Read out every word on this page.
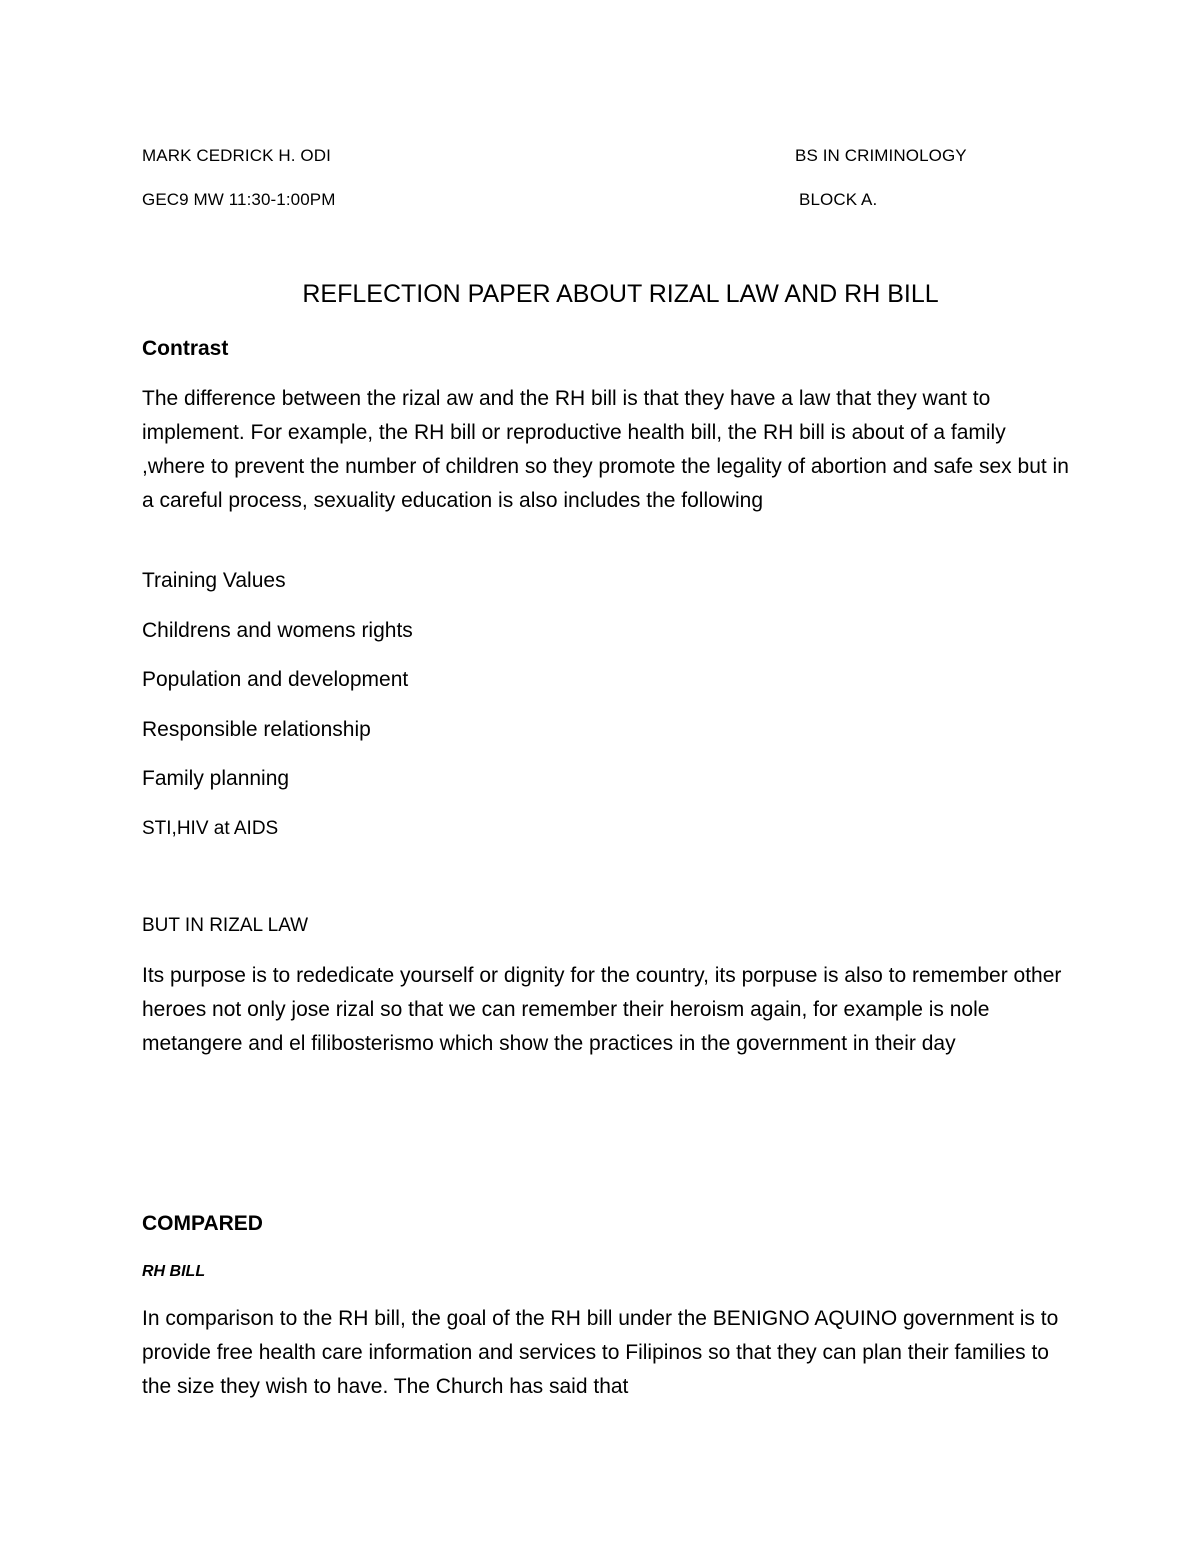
MARK CEDRICK H. ODI	BS IN CRIMINOLOGY
GEC9 MW 11:30-1:00PM	BLOCK A.
REFLECTION PAPER ABOUT RIZAL LAW AND RH BILL
Contrast

The difference between the rizal aw and the RH bill is that they have a law that they want to implement. For example, the RH bill or reproductive health bill, the RH bill is about of a family ,where to prevent the number of children so they promote the legality of abortion and safe sex but in a careful process, sexuality education is also includes the following

Training Values
Childrens and womens rights
Population and development
Responsible relationship
Family planning
STI,HIV at AIDS
BUT IN RIZAL LAW

Its purpose is to rededicate yourself or dignity for the country, its porpuse is also to remember other heroes not only jose rizal so that we can remember their heroism again, for example is nole metangere and el filibosterismo which show the practices in the government in their day

COMPARED
RH BILL

In comparison to the RH bill, the goal of the RH bill under the BENIGNO AQUINO government is to provide free health care information and services to Filipinos so that they can plan their families to the size they wish to have. The Church has said that
